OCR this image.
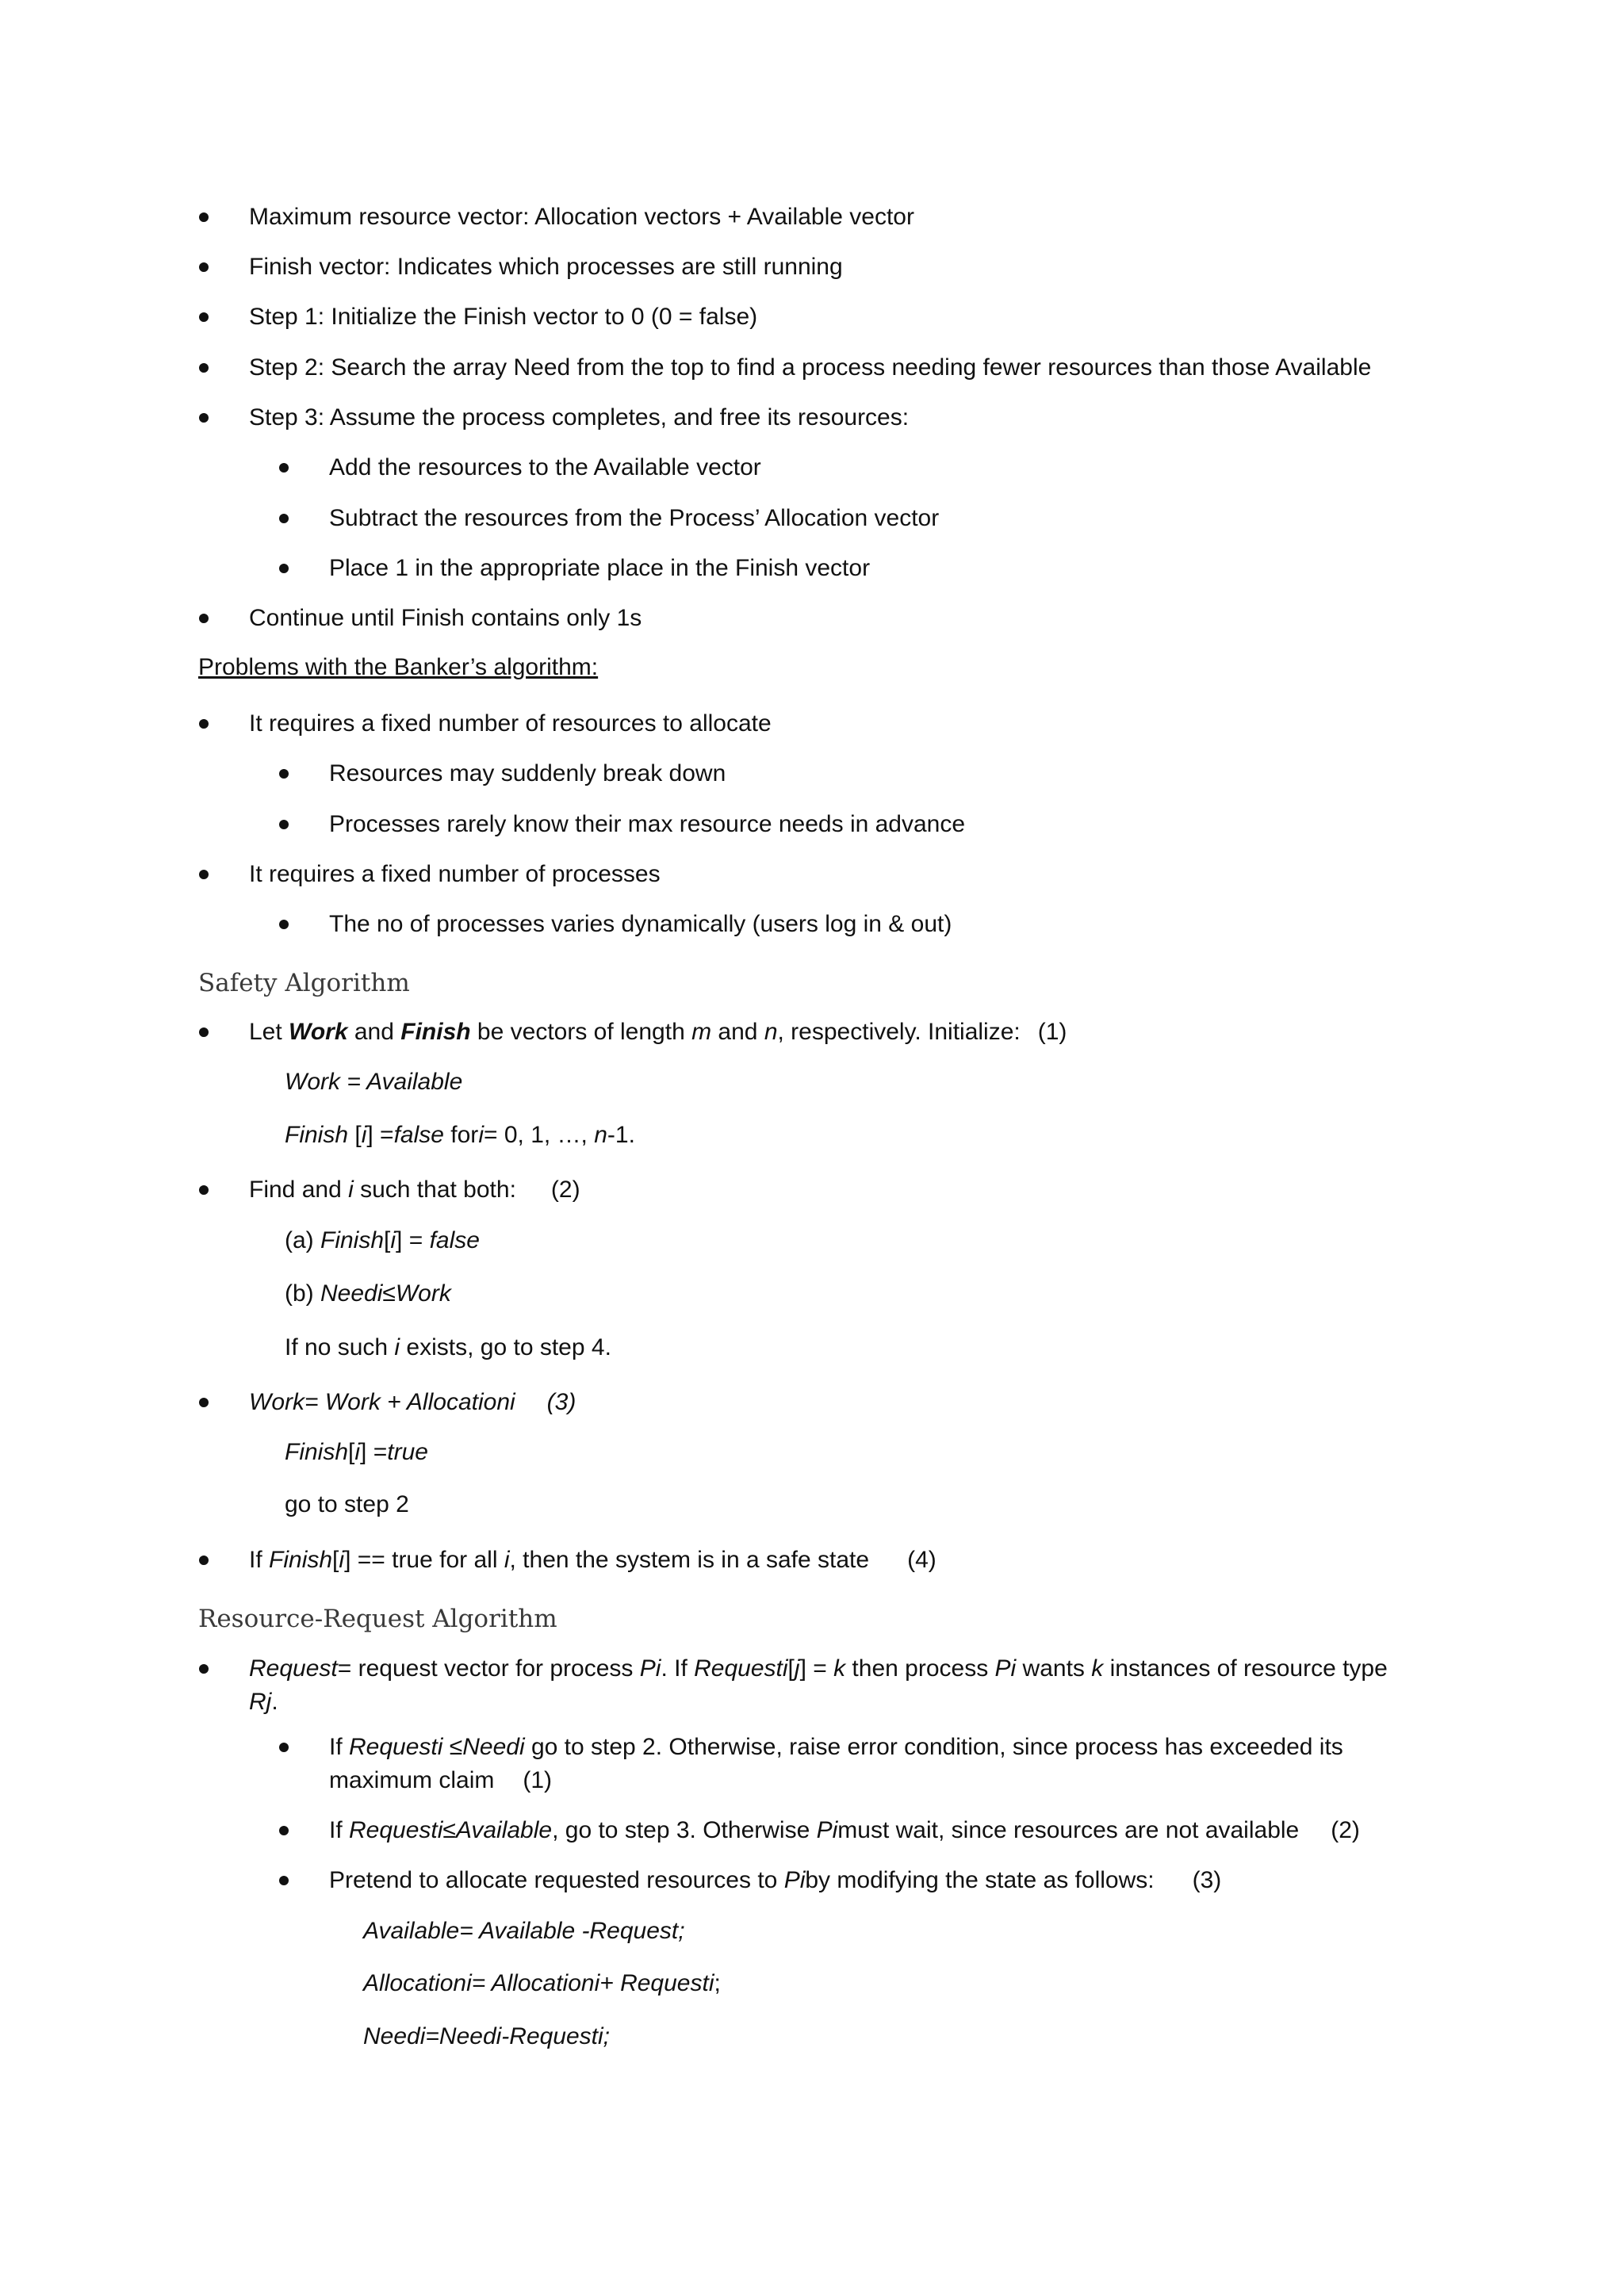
Maximum resource vector: Allocation vectors + Available vector
Finish vector: Indicates which processes are still running
Step 1: Initialize the Finish vector to 0 (0 = false)
Step 2: Search the array Need from the top to find a process needing fewer resources than those Available
Step 3: Assume the process completes, and free its resources:
Add the resources to the Available vector
Subtract the resources from the Process’ Allocation vector
Place 1 in the appropriate place in the Finish vector
Continue until Finish contains only 1s
Problems with the Banker’s algorithm:
It requires a fixed number of resources to allocate
Resources may suddenly break down
Processes rarely know their max resource needs in advance
It requires a fixed number of processes
The no of processes varies dynamically (users log in & out)
Safety Algorithm
Let Work and Finish be vectors of length m and n, respectively. Initialize: (1)
Work = Available
Finish [i] =false fori= 0, 1, …, n-1.
Find and i such that both: (2)
(a) Finish[i] = false
(b) Needi≤Work
If no such i exists, go to step 4.
Work= Work + Allocationi (3)
Finish[i] =true
go to step 2
If Finish[i] == true for all i, then the system is in a safe state (4)
Resource-Request Algorithm
Request= request vector for process Pi. If Requesti[j] = k then process Pi wants k instances of resource type
Rj.
If Requesti ≤Needi go to step 2. Otherwise, raise error condition, since process has exceeded its
maximum claim (1)
If Requesti≤Available, go to step 3. Otherwise Pimust wait, since resources are not available (2)
Pretend to allocate requested resources to Piby modifying the state as follows: (3)
Available= Available -Request;
Allocationi= Allocationi+ Requesti;
Needi=Needi-Requesti;
